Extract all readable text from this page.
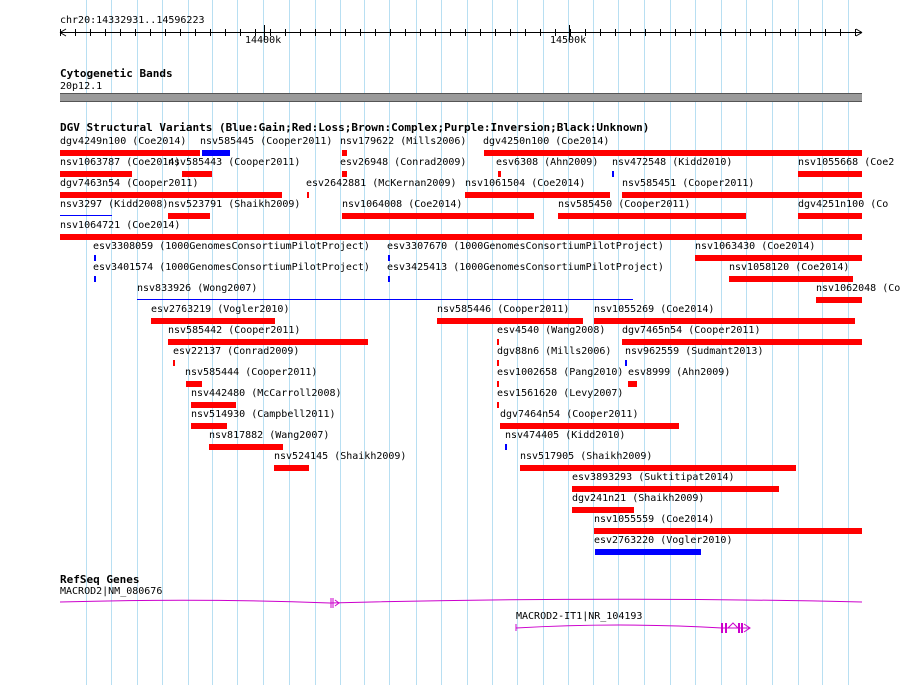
chr20:14332931..14596223
14400k	14500k
Cytogenetic Bands
20p12.1
DGV Structural Variants (Blue:Gain;Red:Loss;Brown:Complex;Purple:Inversion;Black:Unknown)
dgv4249n100 (Coe2014) nsv585445 (Cooper2011) nsv179622 (Mills2006) dgv4250n100 (Coe2014)
nsv1063787 (Coe2014)
nsv585443 (Cooper2011)	esv26948 (Conrad2009)	esv6308 (Ahn2009) nsv472548 (Kidd2010)	nsv1055668 (Coe2
dgv7463n54 (Cooper2011)	esv2642881 (McKernan2009) nsv1061504 (Coe2014)	nsv585451 (Cooper2011)
nsv3297 (Kidd2008) nsv523791 (Shaikh2009)	nsv1064008 (Coe2014)	nsv585450 (Cooper2011)	dgv4251n100 (Co
nsv1064721 (Coe2014)
esv3308059 (1000GenomesConsortiumPilotProject) esv3307670 (1000GenomesConsortiumPilotProject)	nsv1063430 (Coe2014)
esv3401574 (1000GenomesConsortiumPilotProject) esv3425413 (1000GenomesConsortiumPilotProject)	nsv1058120 (Coe2014)
nsv833926 (Wong2007)	nsv1062048 (Co
esv2763219 (Vogler2010)	nsv585446 (Cooper2011) nsv1055269 (Coe2014)
nsv585442 (Cooper2011)	esv4540 (Wang2008) dgv7465n54 (Cooper2011)
esv22137 (Conrad2009)	dgv88n6 (Mills2006) nsv962559 (Sudmant2013)
nsv585444 (Cooper2011)	esv1002658 (Pang2010) esv8999 (Ahn2009)
nsv442480 (McCarroll2008)	esv1561620 (Levy2007)
nsv514930 (Campbell2011)	dgv7464n54 (Cooper2011)
nsv817882 (Wang2007)	nsv474405 (Kidd2010)
nsv524145 (Shaikh2009)	nsv517905 (Shaikh2009)
esv3893293 (Suktitipat2014)
dgv241n21 (Shaikh2009)
nsv1055559 (Coe2014)
esv2763220 (Vogler2010)
RefSeq Genes
MACROD2|NM_080676
MACROD2-IT1|NR_104193
